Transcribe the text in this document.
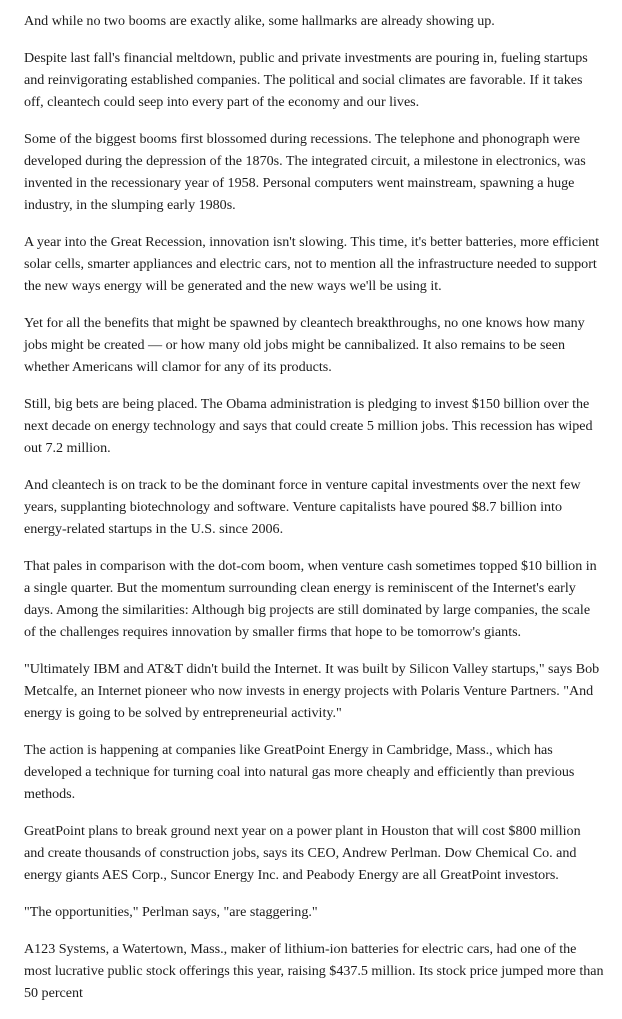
And while no two booms are exactly alike, some hallmarks are already showing up.

Despite last fall's financial meltdown, public and private investments are pouring in, fueling startups and reinvigorating established companies. The political and social climates are favorable. If it takes off, cleantech could seep into every part of the economy and our lives.

Some of the biggest booms first blossomed during recessions. The telephone and phonograph were developed during the depression of the 1870s. The integrated circuit, a milestone in electronics, was invented in the recessionary year of 1958. Personal computers went mainstream, spawning a huge industry, in the slumping early 1980s.

A year into the Great Recession, innovation isn't slowing. This time, it's better batteries, more efficient solar cells, smarter appliances and electric cars, not to mention all the infrastructure needed to support the new ways energy will be generated and the new ways we'll be using it.

Yet for all the benefits that might be spawned by cleantech breakthroughs, no one knows how many jobs might be created — or how many old jobs might be cannibalized. It also remains to be seen whether Americans will clamor for any of its products.

Still, big bets are being placed. The Obama administration is pledging to invest $150 billion over the next decade on energy technology and says that could create 5 million jobs. This recession has wiped out 7.2 million.

And cleantech is on track to be the dominant force in venture capital investments over the next few years, supplanting biotechnology and software. Venture capitalists have poured $8.7 billion into energy-related startups in the U.S. since 2006.

That pales in comparison with the dot-com boom, when venture cash sometimes topped $10 billion in a single quarter. But the momentum surrounding clean energy is reminiscent of the Internet's early days. Among the similarities: Although big projects are still dominated by large companies, the scale of the challenges requires innovation by smaller firms that hope to be tomorrow's giants.

"Ultimately IBM and AT&T didn't build the Internet. It was built by Silicon Valley startups," says Bob Metcalfe, an Internet pioneer who now invests in energy projects with Polaris Venture Partners. "And energy is going to be solved by entrepreneurial activity."

The action is happening at companies like GreatPoint Energy in Cambridge, Mass., which has developed a technique for turning coal into natural gas more cheaply and efficiently than previous methods.

GreatPoint plans to break ground next year on a power plant in Houston that will cost $800 million and create thousands of construction jobs, says its CEO, Andrew Perlman. Dow Chemical Co. and energy giants AES Corp., Suncor Energy Inc. and Peabody Energy are all GreatPoint investors.

"The opportunities," Perlman says, "are staggering."

A123 Systems, a Watertown, Mass., maker of lithium-ion batteries for electric cars, had one of the most lucrative public stock offerings this year, raising $437.5 million. Its stock price jumped more than 50 percent
